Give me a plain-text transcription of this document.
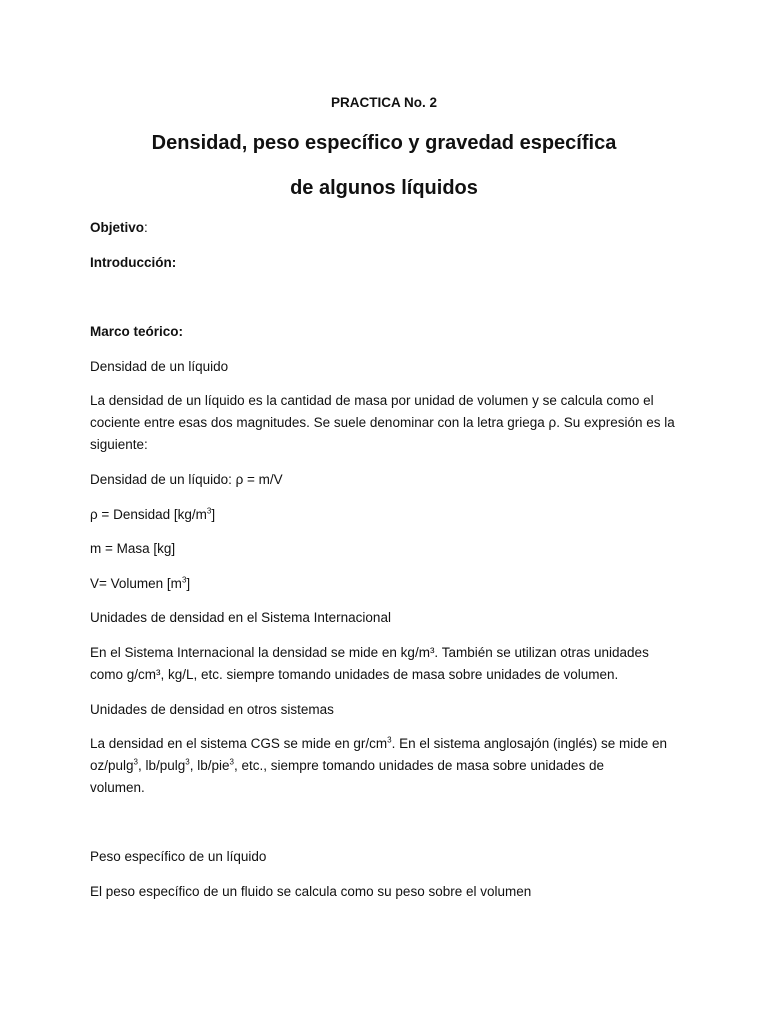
PRACTICA No. 2
Densidad, peso específico y gravedad específica
de algunos líquidos
Objetivo:
Introducción:
Marco teórico:
Densidad de un líquido
La densidad de un líquido es la cantidad de masa por unidad de volumen y se calcula como el
cociente entre esas dos magnitudes. Se suele denominar con la letra griega ρ. Su expresión es la
siguiente:
Densidad de un líquido: ρ = m/V
ρ = Densidad $[kg/m^3]$
m = Masa [kg]
V= Volumen $[m^3]$
Unidades de densidad en el Sistema Internacional
En el Sistema Internacional la densidad se mide en kg/m³. También se utilizan otras unidades
como g/cm³, kg/L, etc. siempre tomando unidades de masa sobre unidades de volumen.
Unidades de densidad en otros sistemas
La densidad en el sistema CGS se mide en $gr/cm^3$. En el sistema anglosajón (inglés) se mide en
oz/pulg$^3$, lb/pulg$^3$, lb/pie$^3$, etc., siempre tomando unidades de masa sobre unidades de
volumen.
Peso específico de un líquido
El peso específico de un fluido se calcula como su peso sobre el volumen
